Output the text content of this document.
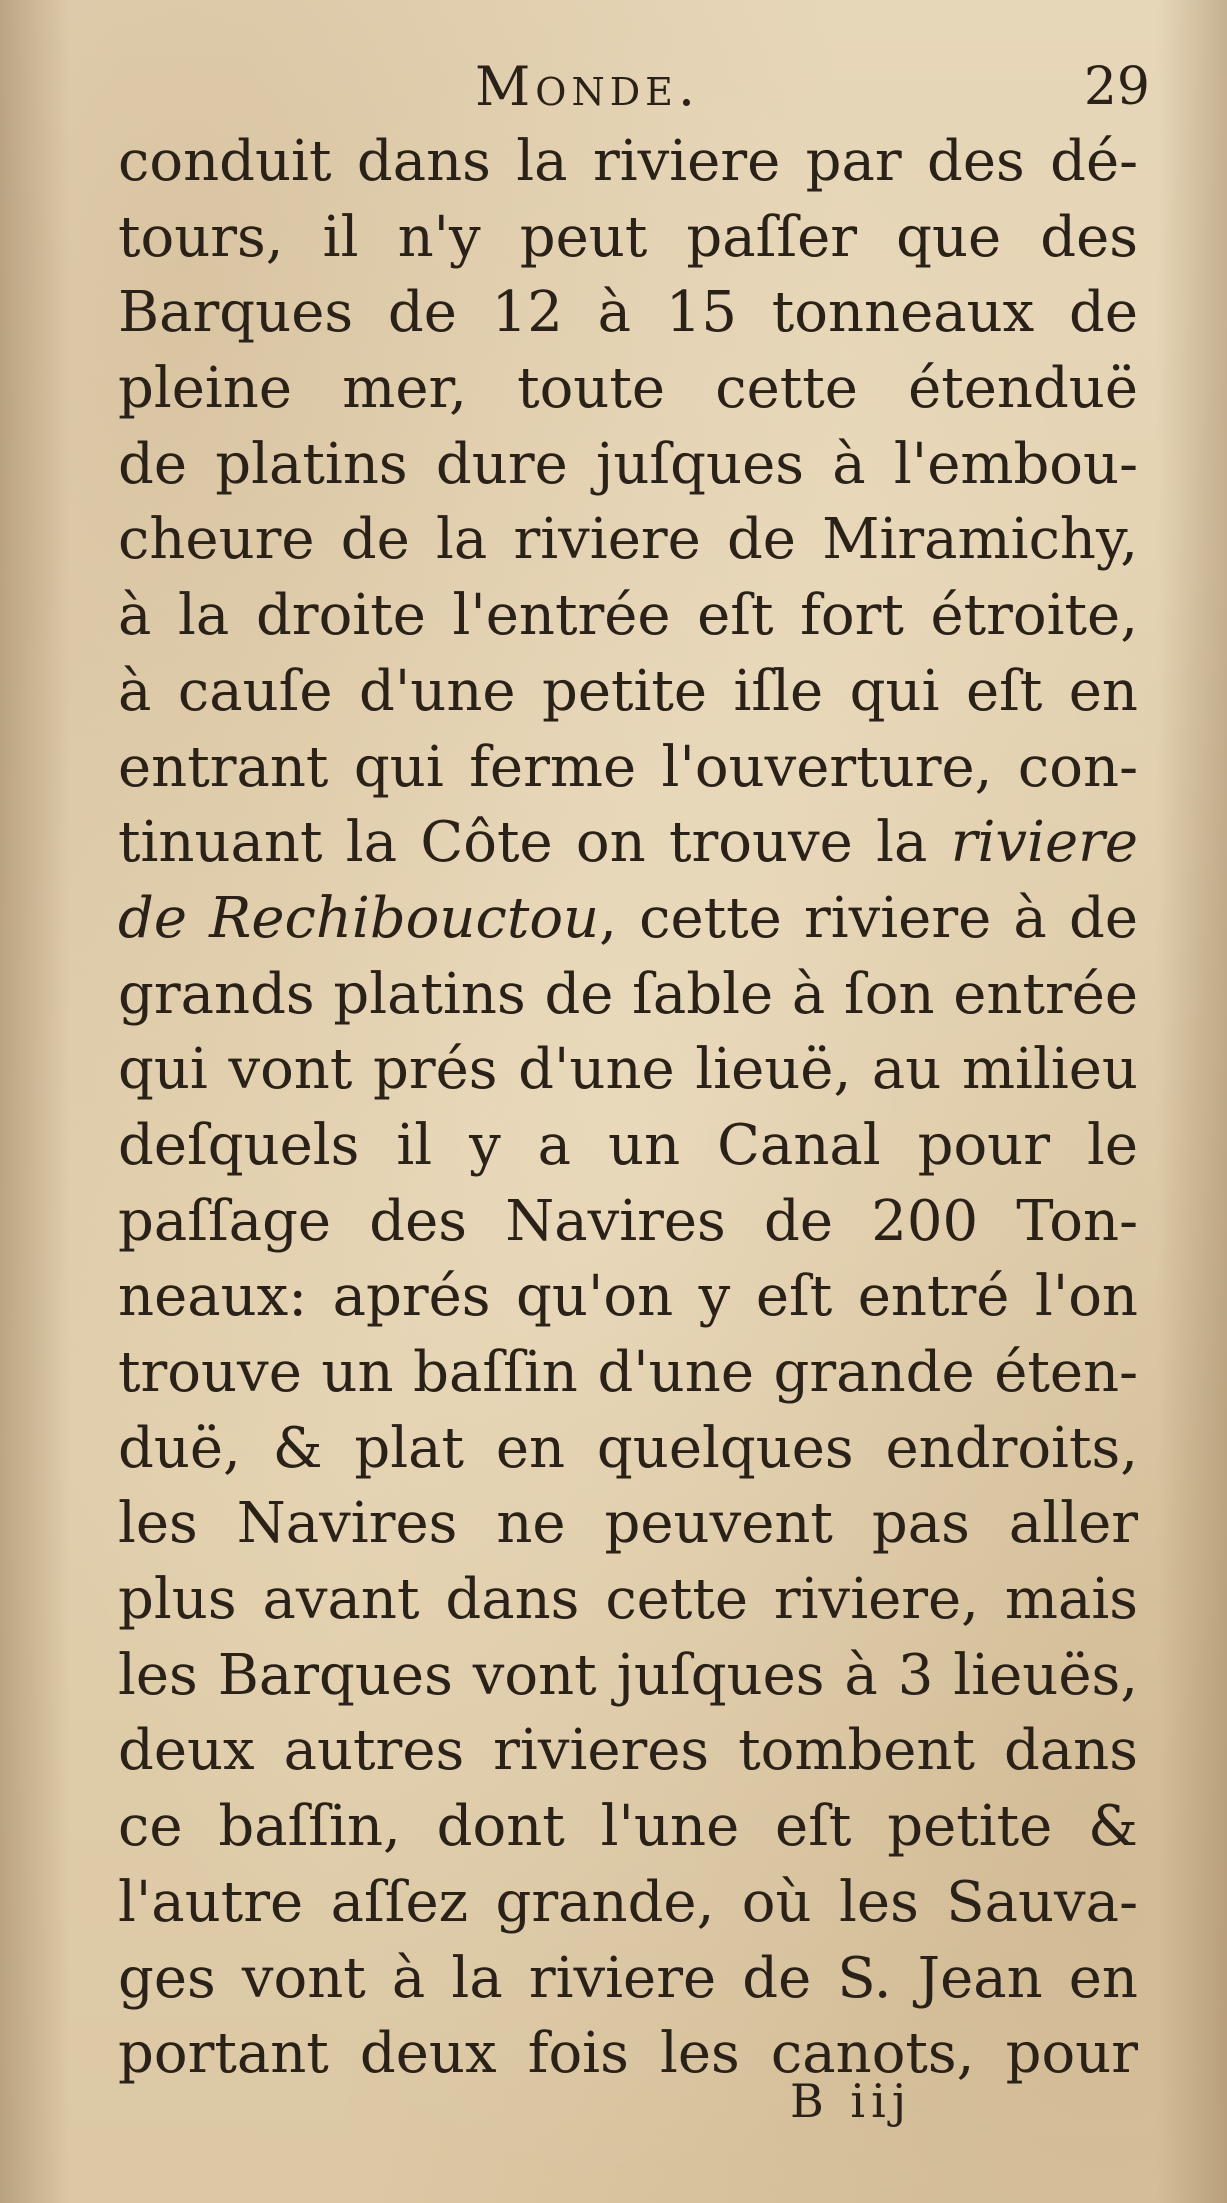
Monde.	29
conduit dans la riviere par des dé-
tours, il n'y peut paſſer que des
Barques de 12 à 15 tonneaux de
pleine mer, toute cette étenduë
de platins dure juſques à l'embou-
cheure de la riviere de Miramichy,
à la droite l'entrée eſt fort étroite,
à cauſe d'une petite iſle qui eſt en
entrant qui ferme l'ouverture, con-
tinuant la Côte on trouve la riviere
de Rechibouctou, cette riviere à de
grands platins de ſable à ſon entrée
qui vont prés d'une lieuë, au milieu
deſquels il y a un Canal pour le
paſſage des Navires de 200 Ton-
neaux: aprés qu'on y eſt entré l'on
trouve un baſſin d'une grande éten-
duë, & plat en quelques endroits,
les Navires ne peuvent pas aller
plus avant dans cette riviere, mais
les Barques vont juſques à 3 lieuës,
deux autres rivieres tombent dans
ce baſſin, dont l'une eſt petite &
l'autre aſſez grande, où les Sauva-
ges vont à la riviere de S. Jean en
portant deux fois les canots, pour
B iij
